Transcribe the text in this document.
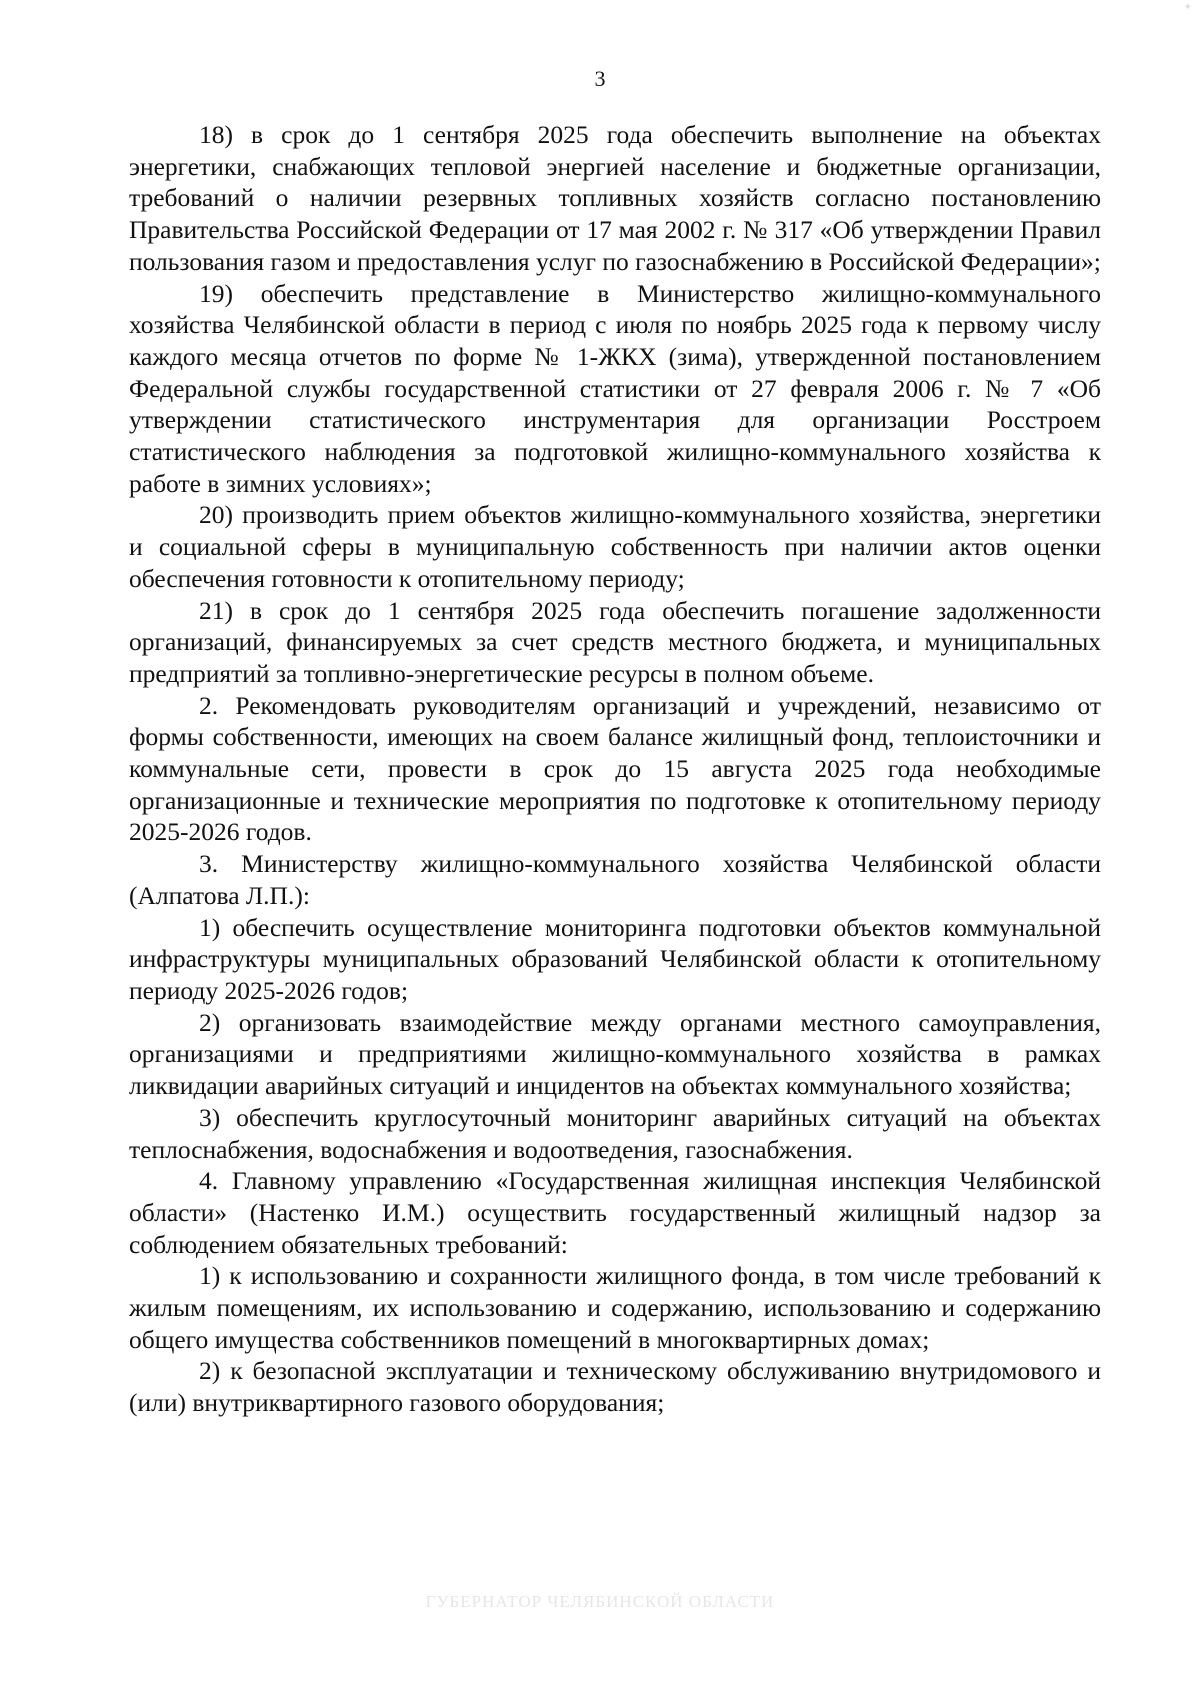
✦
3

18) в срок до 1 сентября 2025 года обеспечить выполнение на объектах энергетики, снабжающих тепловой энергией население и бюджетные организации, требований о наличии резервных топливных хозяйств согласно постановлению Правительства Российской Федерации от 17 мая 2002 г. № 317 «Об утверждении Правил пользования газом и предоставления услуг по газоснабжению в Российской Федерации»;

19) обеспечить представление в Министерство жилищно-коммунального хозяйства Челябинской области в период с июля по ноябрь 2025 года к первому числу каждого месяца отчетов по форме № 1-ЖКХ (зима), утвержденной постановлением Федеральной службы государственной статистики от 27 февраля 2006 г. № 7 «Об утверждении статистического инструментария для организации Росстроем статистического наблюдения за подготовкой жилищно-коммунального хозяйства к работе в зимних условиях»;

20) производить прием объектов жилищно-коммунального хозяйства, энергетики и социальной сферы в муниципальную собственность при наличии актов оценки обеспечения готовности к отопительному периоду;

21) в срок до 1 сентября 2025 года обеспечить погашение задолженности организаций, финансируемых за счет средств местного бюджета, и муниципальных предприятий за топливно-энергетические ресурсы в полном объеме.

2. Рекомендовать руководителям организаций и учреждений, независимо от формы собственности, имеющих на своем балансе жилищный фонд, теплоисточники и коммунальные сети, провести в срок до 15 августа 2025 года необходимые организационные и технические мероприятия по подготовке к отопительному периоду 2025-2026 годов.

3. Министерству жилищно-коммунального хозяйства Челябинской области (Алпатова Л.П.):

1) обеспечить осуществление мониторинга подготовки объектов коммунальной инфраструктуры муниципальных образований Челябинской области к отопительному периоду 2025-2026 годов;

2) организовать взаимодействие между органами местного самоуправления, организациями и предприятиями жилищно-коммунального хозяйства в рамках ликвидации аварийных ситуаций и инцидентов на объектах коммунального хозяйства;

3) обеспечить круглосуточный мониторинг аварийных ситуаций на объектах теплоснабжения, водоснабжения и водоотведения, газоснабжения.

4. Главному управлению «Государственная жилищная инспекция Челябинской области» (Настенко И.М.) осуществить государственный жилищный надзор за соблюдением обязательных требований:

1) к использованию и сохранности жилищного фонда, в том числе требований к жилым помещениям, их использованию и содержанию, использованию и содержанию общего имущества собственников помещений в многоквартирных домах;

2) к безопасной эксплуатации и техническому обслуживанию внутридомового и (или) внутриквартирного газового оборудования;

ГУБЕРНАТОР ЧЕЛЯБИНСКОЙ ОБЛАСТИ
